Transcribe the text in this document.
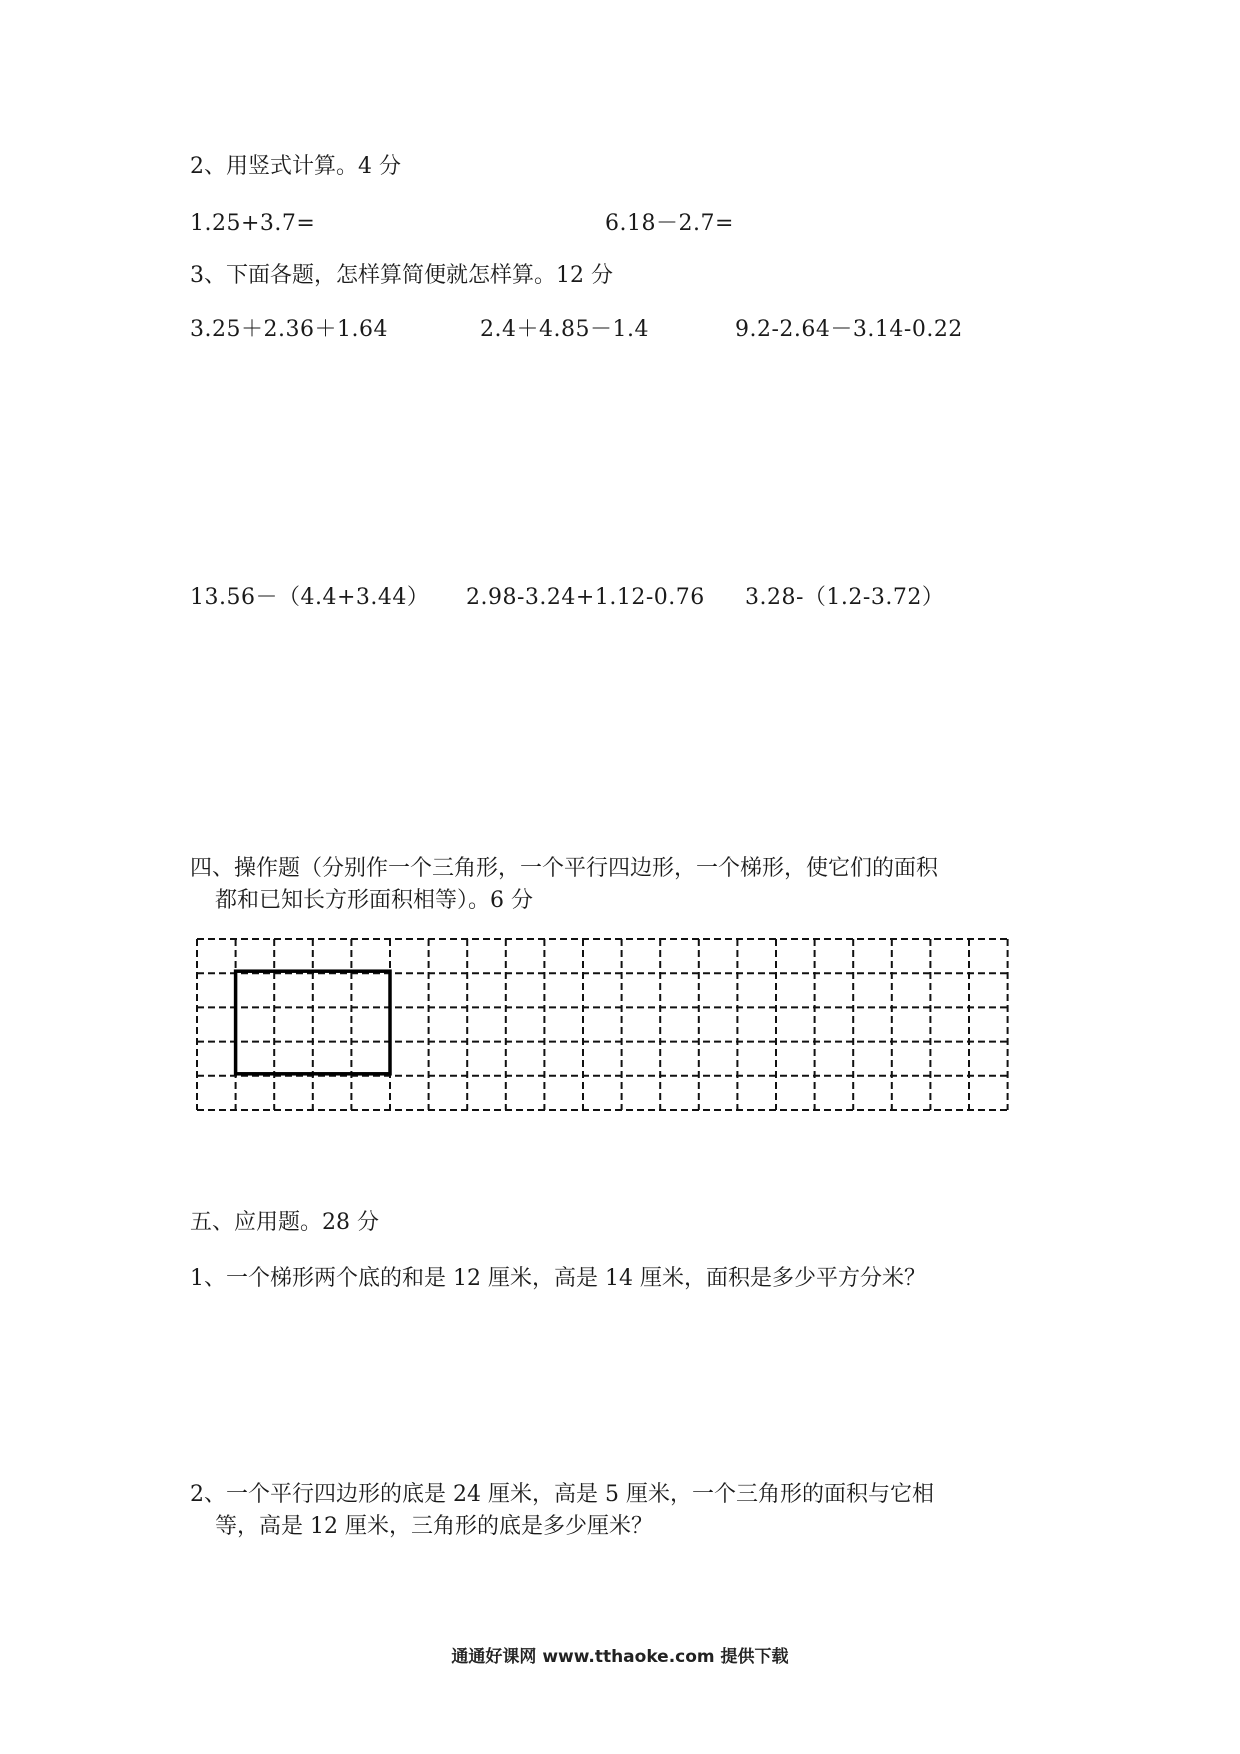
2、用竖式计算。4 分

1.25+3.7=	6.18－2.7=

3、下面各题，怎样算简便就怎样算。12 分

3.25＋2.36＋1.64	2.4＋4.85－1.4	9.2-2.64－3.14-0.22
13.56－（4.4+3.44） 2.98-3.24+1.12-0.76 3.28-（1.2-3.72）

四、操作题（分别作一个三角形，一个平行四边形，一个梯形，使它们的面积

都和已知长方形面积相等）。6 分

五、应用题。28 分

1、一个梯形两个底的和是 12 厘米，高是 14 厘米，面积是多少平方分米？

2、一个平行四边形的底是 24 厘米，高是 5 厘米，一个三角形的面积与它相

等，高是 12 厘米，三角形的底是多少厘米？

通通好课网 www.tthaoke.com 提供下载
